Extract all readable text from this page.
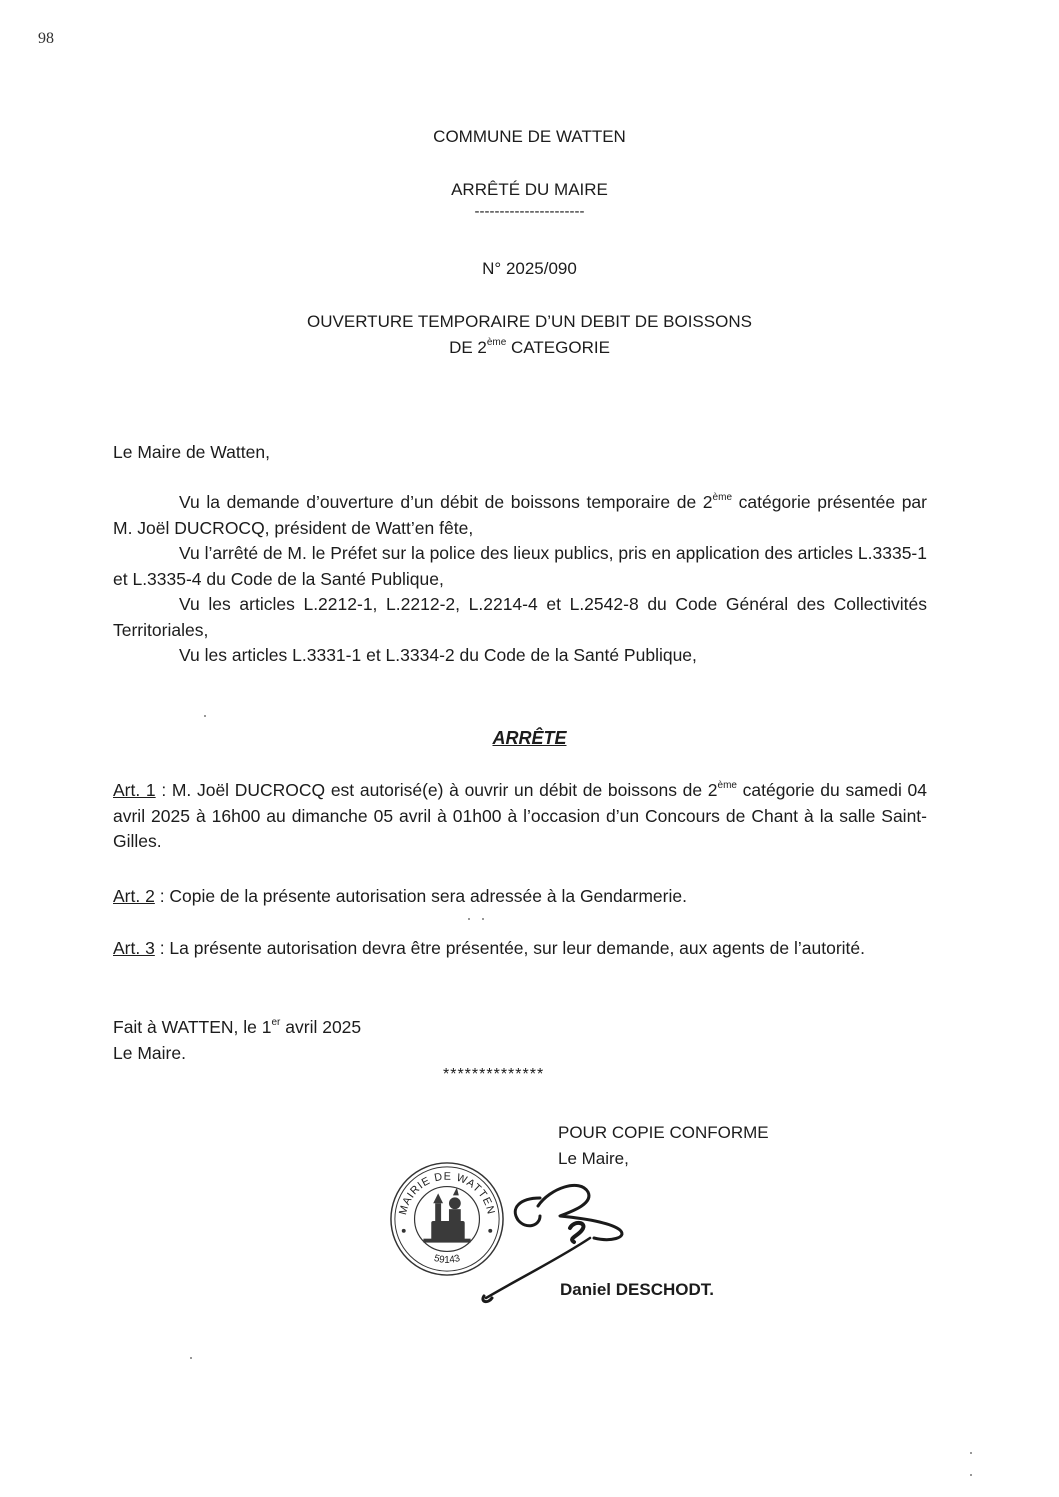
98
COMMUNE DE WATTEN
ARRÊTÉ DU MAIRE
----------------------
N° 2025/090
OUVERTURE TEMPORAIRE D’UN DEBIT DE BOISSONS
DE 2ème CATEGORIE
Le Maire de Watten,

Vu la demande d’ouverture d’un débit de boissons temporaire de 2ème catégorie présentée par M. Joël DUCROCQ, président de Watt’en fête,

Vu l’arrêté de M. le Préfet sur la police des lieux publics, pris en application des articles L.3335-1 et L.3335-4 du Code de la Santé Publique,

Vu les articles L.2212-1, L.2212-2, L.2214-4 et L.2542-8 du Code Général des Collectivités Territoriales,

Vu les articles L.3331-1 et L.3334-2 du Code de la Santé Publique,

ARRÊTE
Art. 1 : M. Joël DUCROCQ est autorisé(e) à ouvrir un débit de boissons de 2ème catégorie du samedi 04 avril 2025 à 16h00 au dimanche 05 avril à 01h00 à l’occasion d’un Concours de Chant à la salle Saint-Gilles.
Art. 2 : Copie de la présente autorisation sera adressée à la Gendarmerie.
Art. 3 : La présente autorisation devra être présentée, sur leur demande, aux agents de l’autorité.
Fait à WATTEN, le 1er avril 2025
Le Maire.
**************
POUR COPIE CONFORME
Le Maire,
MAIRIE DE WATTEN
59143
Daniel DESCHODT.
